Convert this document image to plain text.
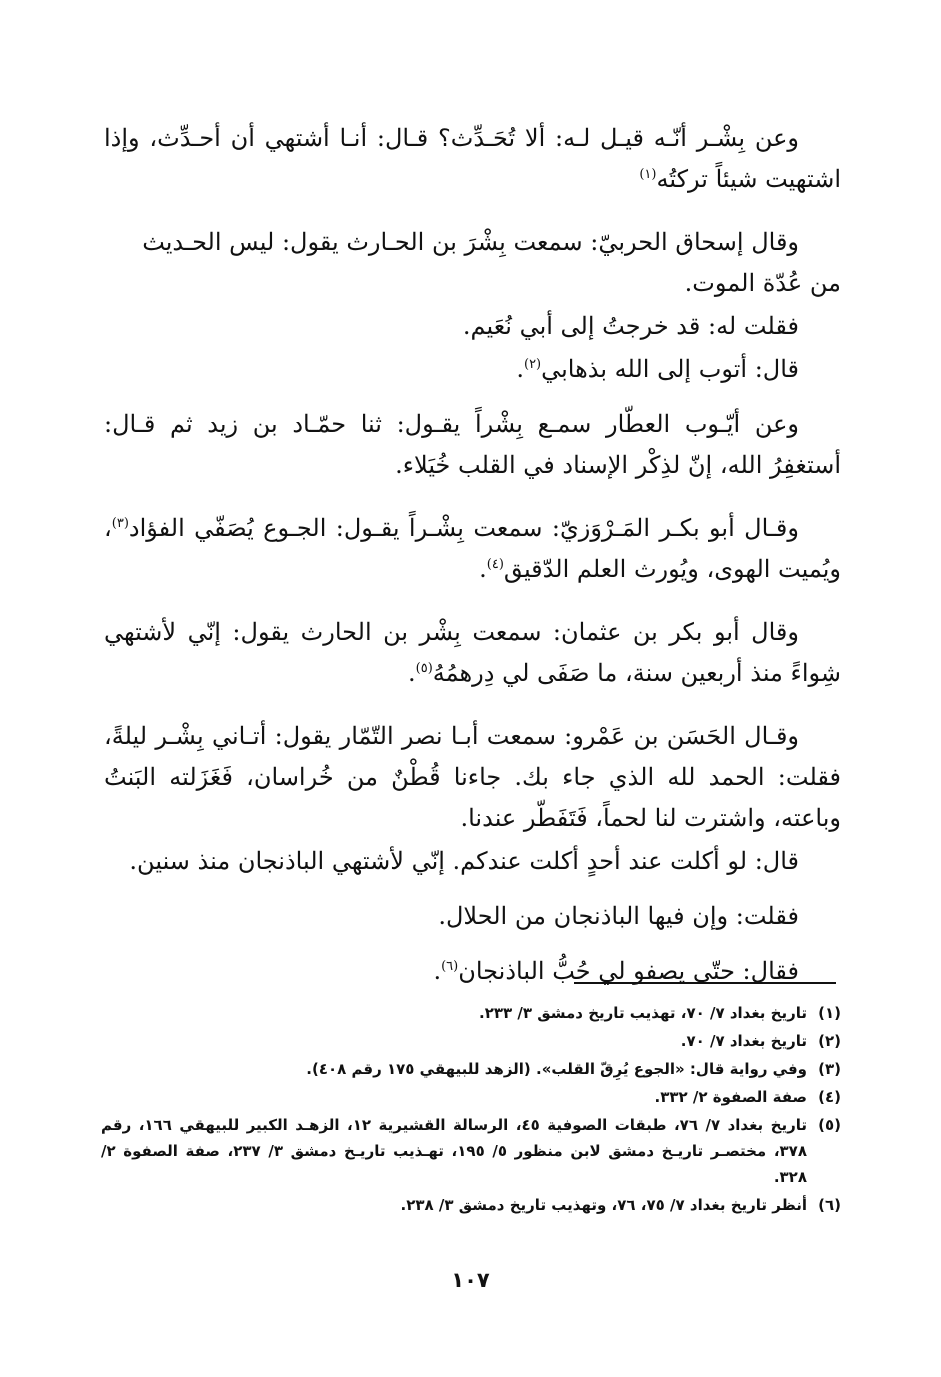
وعن بِشْـر أنّـه قيـل لـه: ألا تُحَـدِّث؟ قـال: أنـا أشتهي أن أحـدِّث، وإذا اشتهيت شيئاً تركتُه$^{(١)}$

وقال إسحاق الحربيّ: سمعت بِشْرَ بن الحـارث يقول: ليس الحـديث من عُدّة الموت.

فقلت له: قد خرجتُ إلى أبي نُعَيم.

قال: أتوب إلى الله بذهابي$^{(٢)}$.

وعن أيّـوب العطّار سمـع بِشْراً يقـول: ثنا حمّـاد بن زيد ثم قـال: أستغفِرُ الله، إنّ لذِكْر الإسناد في القلب خُيَلاء.

وقـال أبو بكـر المَـرْوَزيّ: سمعت بِشْـراً يقـول: الجـوع يُصَفّي الفؤاد$^{(٣)}$، ويُميت الهوى، ويُورث العلم الدّقيق$^{(٤)}$.

وقال أبو بكر بن عثمان: سمعت بِشْر بن الحارث يقول: إنّي لأشتهي شِواءً منذ أربعين سنة، ما صَفَى لي دِرهمُهُ$^{(٥)}$.

وقـال الحَسَن بن عَمْرو: سمعت أبـا نصر التّمّار يقول: أتـاني بِشْـر ليلةً، فقلت: الحمد لله الذي جاء بك. جاءنا قُطْنٌ من خُراسان، فَغَزَلته البَنتُ وباعته، واشترت لنا لحماً، فَتَفَطّر عندنا.

قال: لو أكلت عند أحدٍ أكلت عندكم. إنّي لأشتهي الباذنجان منذ سنين.

فقلت: وإن فيها الباذنجان من الحلال.

فقال: حتّى يصفو لي حُبُّ الباذنجان$^{(٦)}$.

(١)
تاريخ بغداد ٧/ ٧٠، تهذيب تاريخ دمشق ٣/ ٢٣٣.
(٢)
تاريخ بغداد ٧/ ٧٠.
(٣)
وفي رواية قال: «الجوع يُرِقّ القلب». (الزهد للبيهقي ١٧٥ رقم ٤٠٨).
(٤)
صفة الصفوة ٢/ ٣٣٢.
(٥)
تاريخ بغداد ٧/ ٧٦، طبقات الصوفية ٤٥، الرسالة القشيرية ١٢، الزهـد الكبير للبيهقي ١٦٦، رقم ٣٧٨، مختصـر تاريـخ دمشق لابن منظور ٥/ ١٩٥، تهـذيب تاريـخ دمشق ٣/ ٢٣٧، صفة الصفوة ٢/ ٣٢٨.
(٦)
أنظر تاريخ بغداد ٧/ ٧٥، ٧٦، وتهذيب تاريخ دمشق ٣/ ٢٣٨.
١٠٧
